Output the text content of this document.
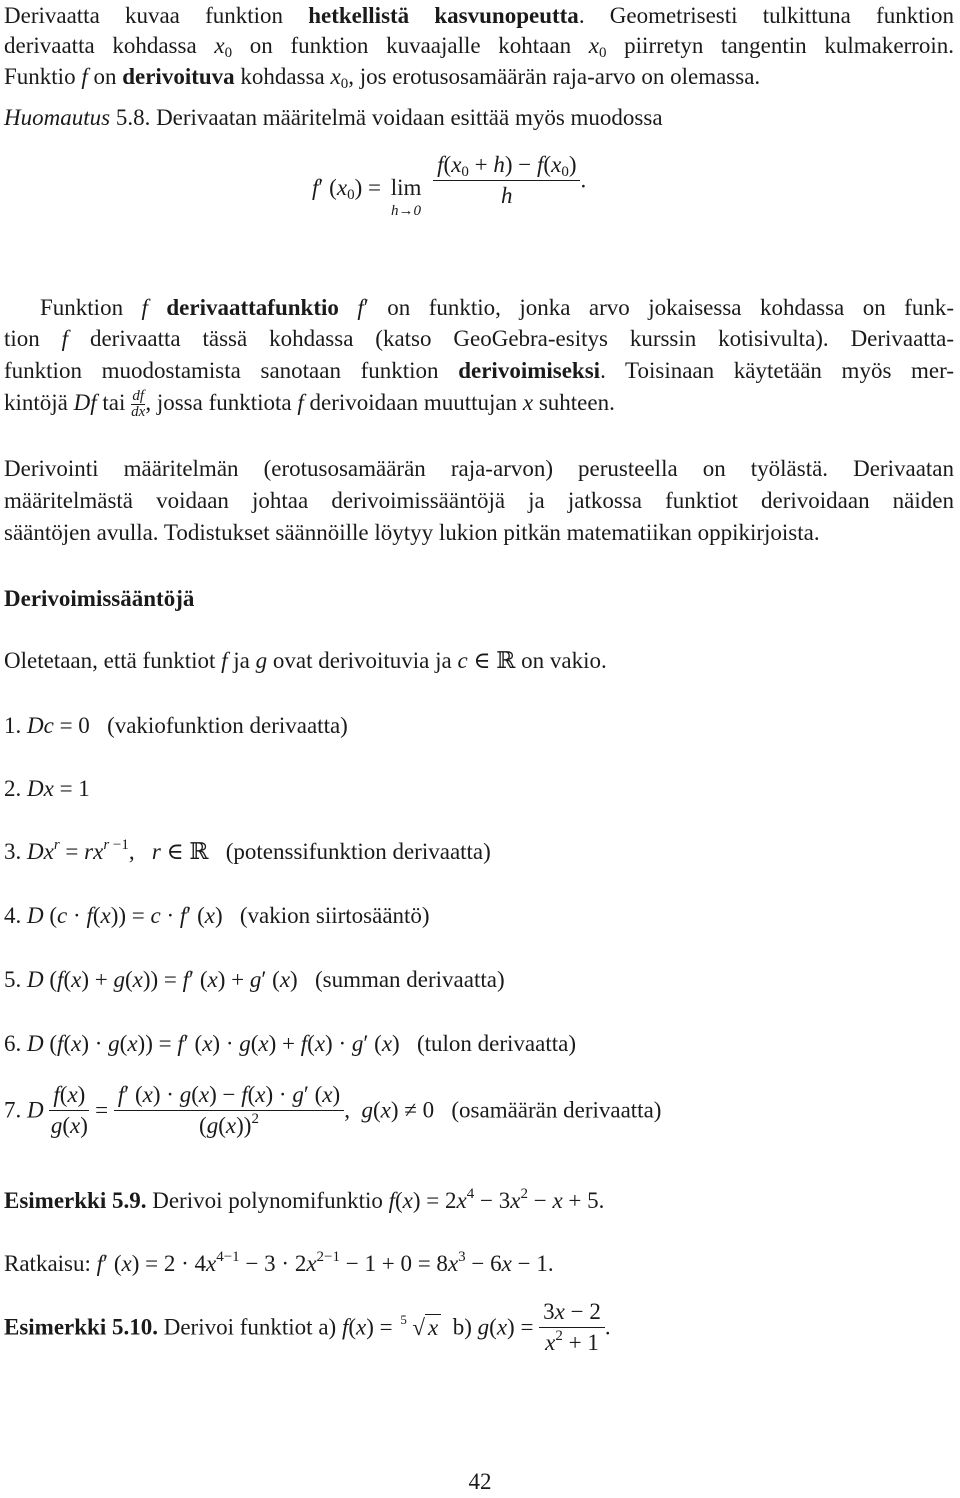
Derivaatta kuvaa funktion hetkellistä kasvunopeutta. Geometrisesti tulkittuna funktion
derivaatta kohdassa $x_0$ on funktion kuvaajalle kohtaan $x_0$ piirretyn tangentin kulmakerroin.
Funktio f on derivoituva kohdassa $x_0$, jos erotusosamäärän raja-arvo on olemassa.
Huomautus 5.8. Derivaatan määritelmä voidaan esittää myös muodossa
f′ $(x_0) = \lim$
h→0
$\frac{f(x_0 + h) - f(x_0)}{h}$ .
Funktion f derivaattafunktio f′ on funktio, jonka arvo jokaisessa kohdassa on funk-
tion f derivaatta tässä kohdassa (katso GeoGebra-esitys kurssin kotisivulta). Derivaatta-
funktion muodostamista sanotaan funktion derivoimiseksi. Toisinaan käytetään myös mer-
kintöjä Df tai $\frac{df}{dx}$ , jossa funktiota f derivoidaan muuttujan x suhteen.
Derivointi määritelmän (erotusosamäärän raja-arvon) perusteella on työlästä. Derivaatan
määritelmästä voidaan johtaa derivoimissääntöjä ja jatkossa funktiot derivoidaan näiden
sääntöjen avulla. Todistukset säännöille löytyy lukion pitkän matematiikan oppikirjoista.
Derivoimissääntöjä
Oletetaan, että funktiot f ja g ovat derivoituvia ja c ∈ ℝ on vakio.
1. Dc = 0   (vakiofunktion derivaatta)
2. Dx = 1
3. $Dx^r = rx^{r -1}$,   r ∈ ℝ   (potenssifunktion derivaatta)
4. D (c · f(x)) = c · f′ (x)   (vakion siirtosääntö)
5. D (f(x) + g(x)) = f′ (x) + g′ (x)   (summan derivaatta)
6. D (f(x) · g(x)) = f′ (x) · g(x) + f(x) · g′ (x)   (tulon derivaatta)
7. D $\frac{f(x)}{g(x)} = \frac{f' (x) \cdot g(x) - f(x) \cdot g' (x)}{(g(x))^2}$ ,  g(x) ≠ 0   (osamäärän derivaatta)
Esimerkki 5.9. Derivoi polynomifunktio $f(x) = 2x^4 - 3x^2 - x + 5$.
Ratkaisu: f′ $(x) = 2 \cdot 4x^{4-1} - 3 \cdot 2x^{2-1} - 1 + 0 = 8x^3 - 6x - 1$.
Esimerkki 5.10. Derivoi funktiot a) f(x) = 5 √ x b) $g(x) = \frac{3x - 2}{x^2 + 1}$ .
42
